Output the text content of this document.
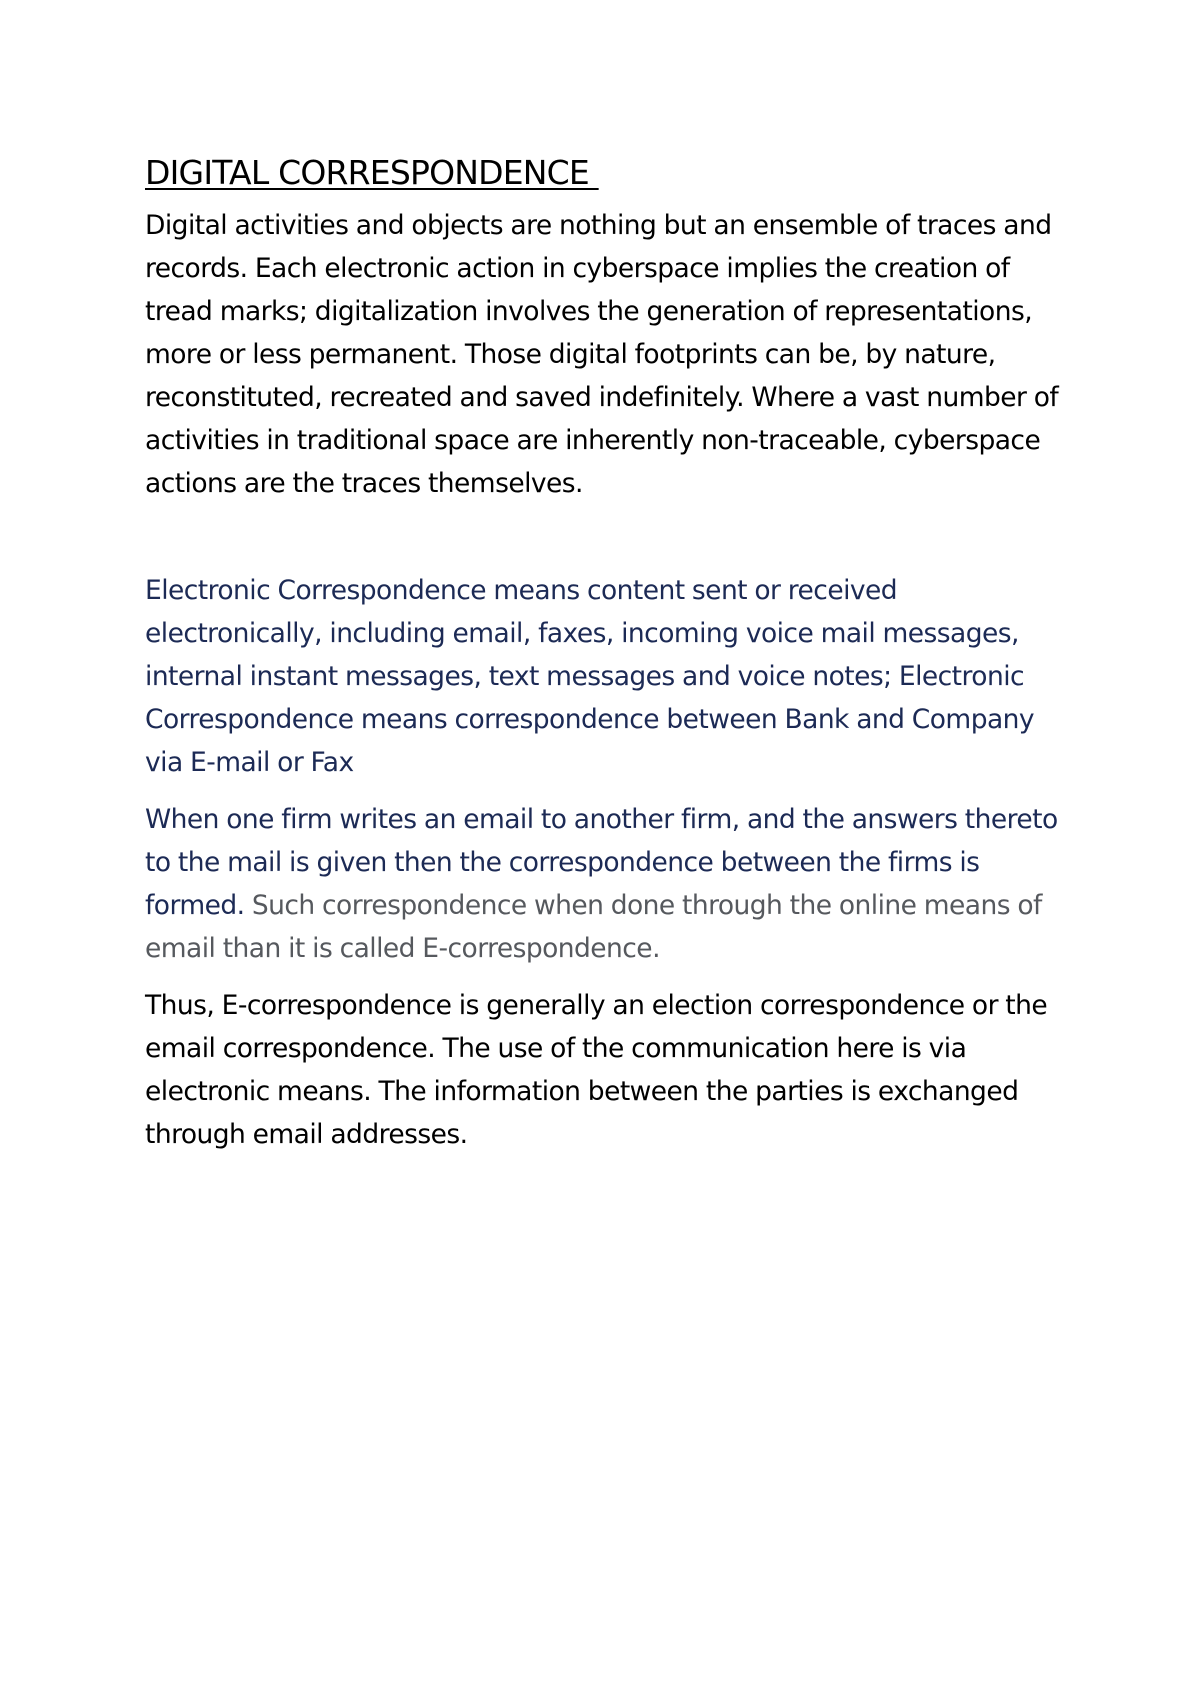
DIGITAL CORRESPONDENCE

Digital activities and objects are nothing but an ensemble of traces and records. Each electronic action in cyberspace implies the creation of tread marks; digitalization involves the generation of representations, more or less permanent. Those digital footprints can be, by nature, reconstituted, recreated and saved indefinitely. Where a vast number of activities in traditional space are inherently non-traceable, cyberspace actions are the traces themselves.

Electronic Correspondence means content sent or received electronically, including email, faxes, incoming voice mail messages, internal instant messages, text messages and voice notes; Electronic Correspondence means correspondence between Bank and Company via E-mail or Fax

When one firm writes an email to another firm, and the answers thereto to the mail is given then the correspondence between the firms is formed. Such correspondence when done through the online means of email than it is called E-correspondence.

Thus, E-correspondence is generally an election correspondence or the email correspondence. The use of the communication here is via electronic means. The information between the parties is exchanged through email addresses.
